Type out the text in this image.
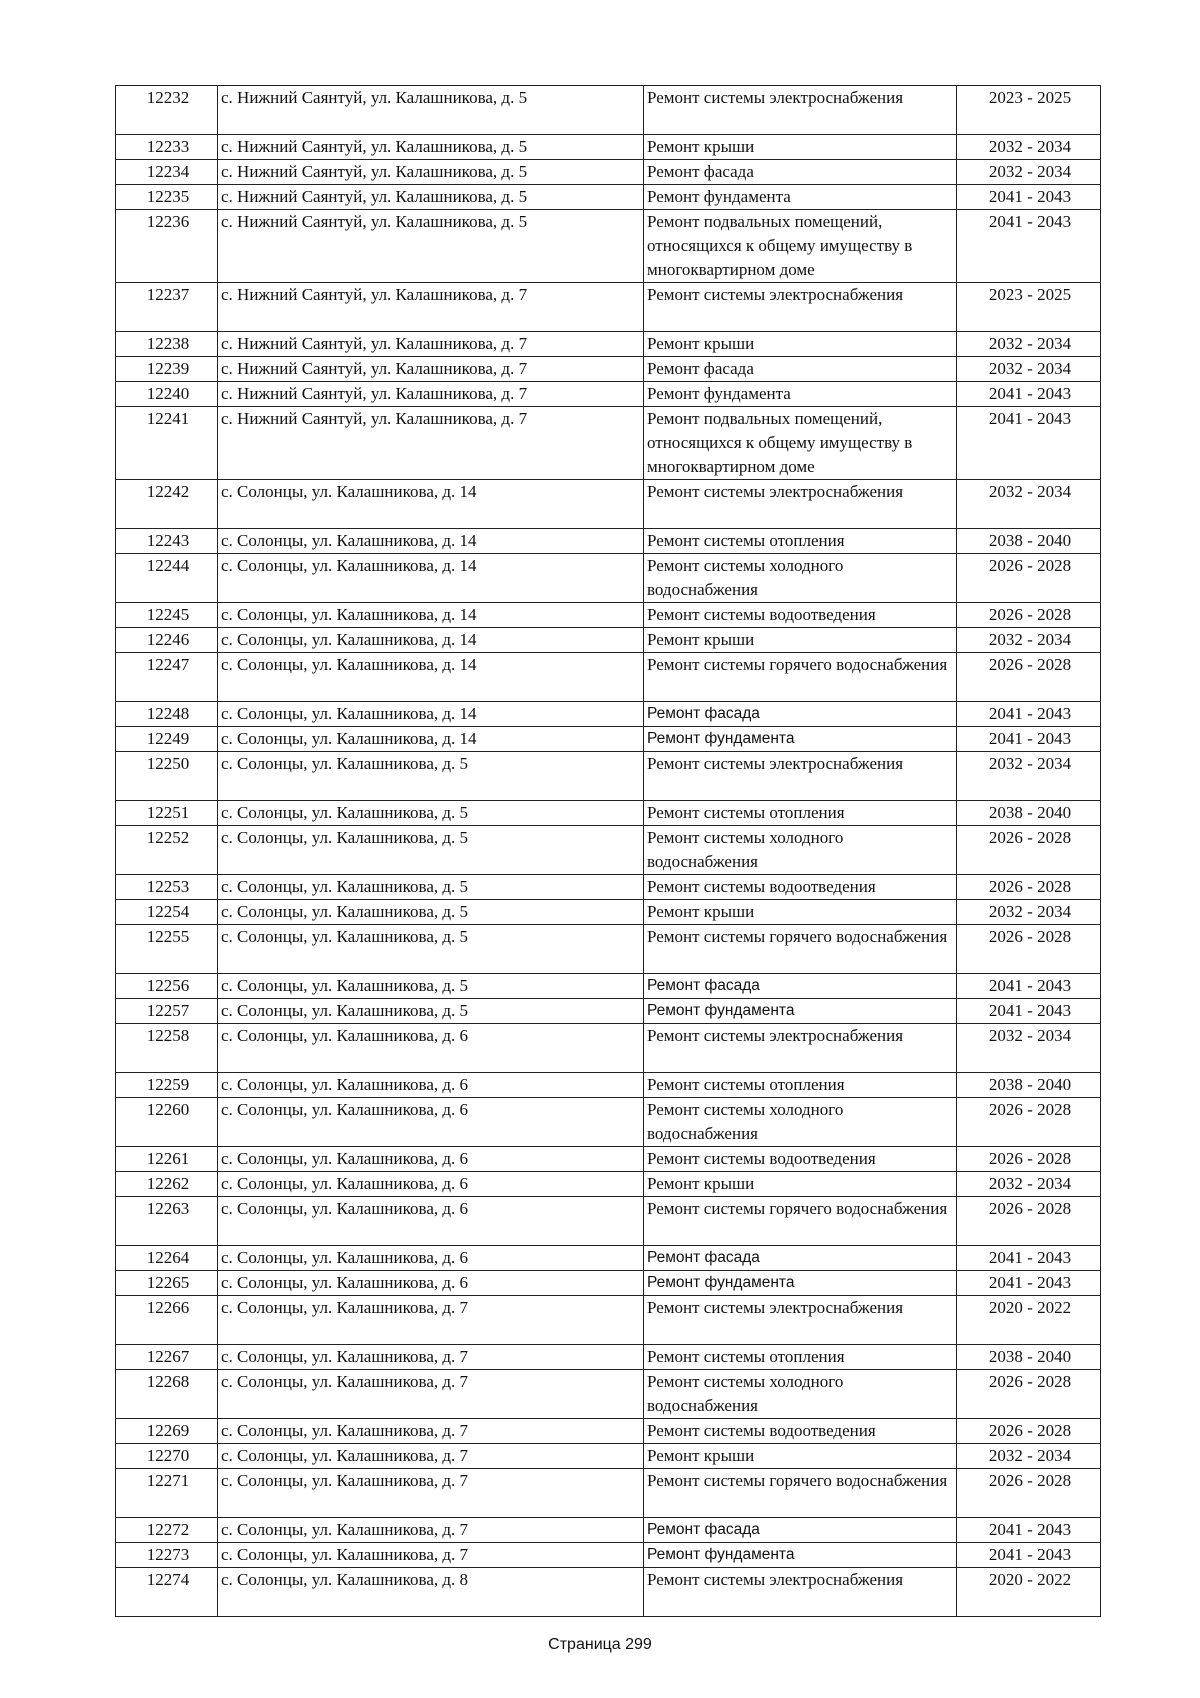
12232	с. Нижний Саянтуй, ул. Калашникова, д. 5	Ремонт системы электроснабжения	2023 - 2025
12233	с. Нижний Саянтуй, ул. Калашникова, д. 5	Ремонт крыши	2032 - 2034
12234	с. Нижний Саянтуй, ул. Калашникова, д. 5	Ремонт фасада	2032 - 2034
12235	с. Нижний Саянтуй, ул. Калашникова, д. 5	Ремонт фундамента	2041 - 2043
12236	с. Нижний Саянтуй, ул. Калашникова, д. 5	Ремонт подвальных помещений, относящихся к общему имуществу в многоквартирном доме	2041 - 2043
12237	с. Нижний Саянтуй, ул. Калашникова, д. 7	Ремонт системы электроснабжения	2023 - 2025
12238	с. Нижний Саянтуй, ул. Калашникова, д. 7	Ремонт крыши	2032 - 2034
12239	с. Нижний Саянтуй, ул. Калашникова, д. 7	Ремонт фасада	2032 - 2034
12240	с. Нижний Саянтуй, ул. Калашникова, д. 7	Ремонт фундамента	2041 - 2043
12241	с. Нижний Саянтуй, ул. Калашникова, д. 7	Ремонт подвальных помещений, относящихся к общему имуществу в многоквартирном доме	2041 - 2043
12242	с. Солонцы, ул. Калашникова, д. 14	Ремонт системы электроснабжения	2032 - 2034
12243	с. Солонцы, ул. Калашникова, д. 14	Ремонт системы отопления	2038 - 2040
12244	с. Солонцы, ул. Калашникова, д. 14	Ремонт системы холодного водоснабжения	2026 - 2028
12245	с. Солонцы, ул. Калашникова, д. 14	Ремонт системы водоотведения	2026 - 2028
12246	с. Солонцы, ул. Калашникова, д. 14	Ремонт крыши	2032 - 2034
12247	с. Солонцы, ул. Калашникова, д. 14	Ремонт системы горячего водоснабжения	2026 - 2028
12248	с. Солонцы, ул. Калашникова, д. 14	Ремонт фасада	2041 - 2043
12249	с. Солонцы, ул. Калашникова, д. 14	Ремонт фундамента	2041 - 2043
12250	с. Солонцы, ул. Калашникова, д. 5	Ремонт системы электроснабжения	2032 - 2034
12251	с. Солонцы, ул. Калашникова, д. 5	Ремонт системы отопления	2038 - 2040
12252	с. Солонцы, ул. Калашникова, д. 5	Ремонт системы холодного водоснабжения	2026 - 2028
12253	с. Солонцы, ул. Калашникова, д. 5	Ремонт системы водоотведения	2026 - 2028
12254	с. Солонцы, ул. Калашникова, д. 5	Ремонт крыши	2032 - 2034
12255	с. Солонцы, ул. Калашникова, д. 5	Ремонт системы горячего водоснабжения	2026 - 2028
12256	с. Солонцы, ул. Калашникова, д. 5	Ремонт фасада	2041 - 2043
12257	с. Солонцы, ул. Калашникова, д. 5	Ремонт фундамента	2041 - 2043
12258	с. Солонцы, ул. Калашникова, д. 6	Ремонт системы электроснабжения	2032 - 2034
12259	с. Солонцы, ул. Калашникова, д. 6	Ремонт системы отопления	2038 - 2040
12260	с. Солонцы, ул. Калашникова, д. 6	Ремонт системы холодного водоснабжения	2026 - 2028
12261	с. Солонцы, ул. Калашникова, д. 6	Ремонт системы водоотведения	2026 - 2028
12262	с. Солонцы, ул. Калашникова, д. 6	Ремонт крыши	2032 - 2034
12263	с. Солонцы, ул. Калашникова, д. 6	Ремонт системы горячего водоснабжения	2026 - 2028
12264	с. Солонцы, ул. Калашникова, д. 6	Ремонт фасада	2041 - 2043
12265	с. Солонцы, ул. Калашникова, д. 6	Ремонт фундамента	2041 - 2043
12266	с. Солонцы, ул. Калашникова, д. 7	Ремонт системы электроснабжения	2020 - 2022
12267	с. Солонцы, ул. Калашникова, д. 7	Ремонт системы отопления	2038 - 2040
12268	с. Солонцы, ул. Калашникова, д. 7	Ремонт системы холодного водоснабжения	2026 - 2028
12269	с. Солонцы, ул. Калашникова, д. 7	Ремонт системы водоотведения	2026 - 2028
12270	с. Солонцы, ул. Калашникова, д. 7	Ремонт крыши	2032 - 2034
12271	с. Солонцы, ул. Калашникова, д. 7	Ремонт системы горячего водоснабжения	2026 - 2028
12272	с. Солонцы, ул. Калашникова, д. 7	Ремонт фасада	2041 - 2043
12273	с. Солонцы, ул. Калашникова, д. 7	Ремонт фундамента	2041 - 2043
12274	с. Солонцы, ул. Калашникова, д. 8	Ремонт системы электроснабжения	2020 - 2022
Страница 299
